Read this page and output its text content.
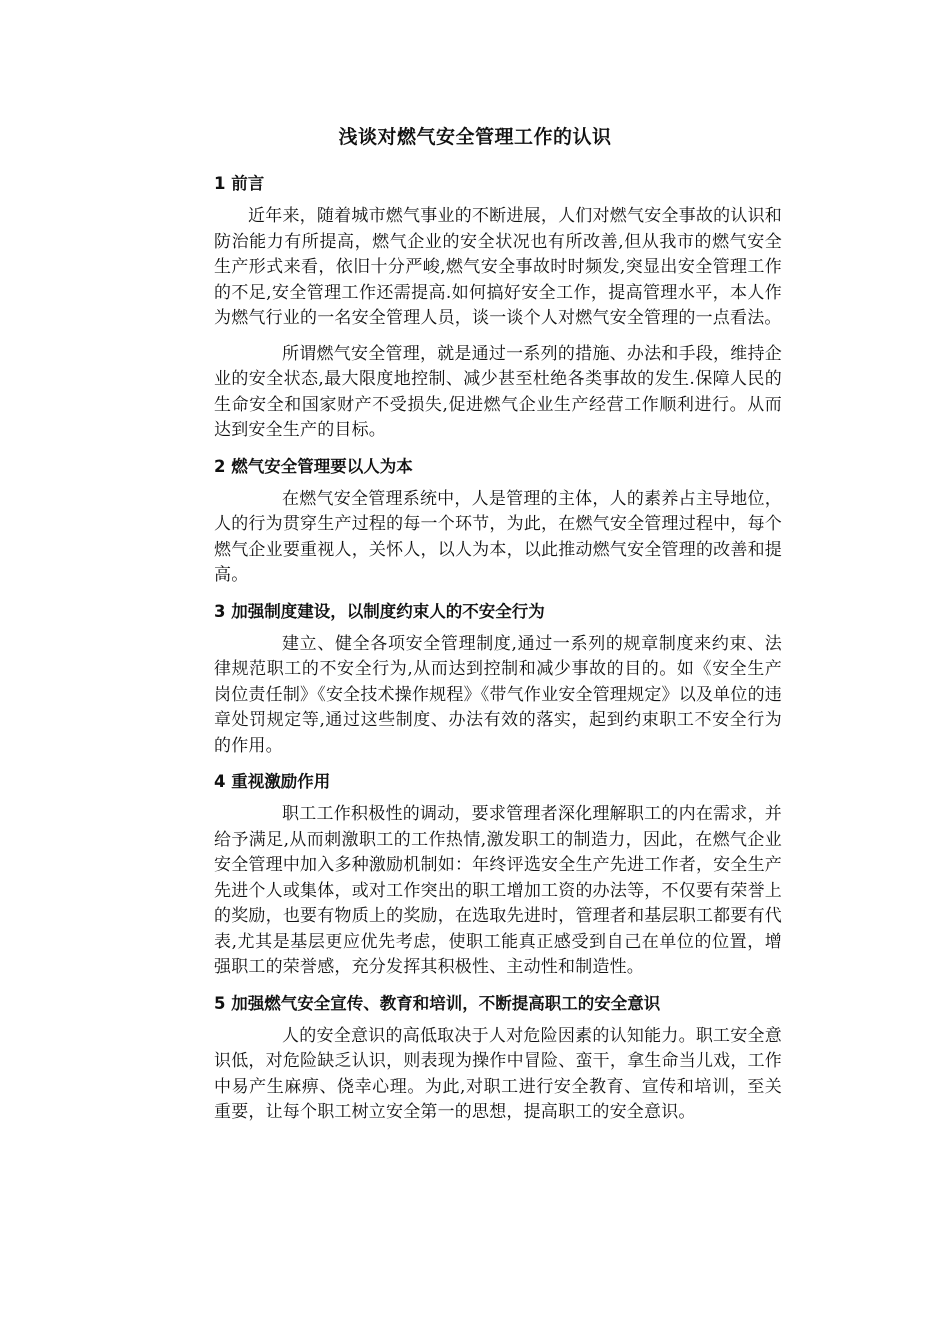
浅谈对燃气安全管理工作的认识
1 前言

近年来，随着城市燃气事业的不断进展，人们对燃气安全事故的认识和防治能力有所提高，燃气企业的安全状况也有所改善,但从我市的燃气安全生产形式来看，依旧十分严峻,燃气安全事故时时频发,突显出安全管理工作的不足,安全管理工作还需提高.如何搞好安全工作，提高管理水平，本人作为燃气行业的一名安全管理人员，谈一谈个人对燃气安全管理的一点看法。

所谓燃气安全管理，就是通过一系列的措施、办法和手段，维持企业的安全状态,最大限度地控制、减少甚至杜绝各类事故的发生.保障人民的生命安全和国家财产不受损失,促进燃气企业生产经营工作顺利进行。从而达到安全生产的目标。

2 燃气安全管理要以人为本

在燃气安全管理系统中，人是管理的主体，人的素养占主导地位，人的行为贯穿生产过程的每一个环节，为此，在燃气安全管理过程中，每个燃气企业要重视人，关怀人，以人为本，以此推动燃气安全管理的改善和提高。

3 加强制度建设，以制度约束人的不安全行为

建立、健全各项安全管理制度,通过一系列的规章制度来约束、法律规范职工的不安全行为,从而达到控制和减少事故的目的。如《安全生产岗位责任制》《安全技术操作规程》《带气作业安全管理规定》以及单位的违章处罚规定等,通过这些制度、办法有效的落实，起到约束职工不安全行为的作用。

4 重视激励作用

职工工作积极性的调动，要求管理者深化理解职工的内在需求，并给予满足,从而刺激职工的工作热情,激发职工的制造力，因此，在燃气企业安全管理中加入多种激励机制如：年终评选安全生产先进工作者，安全生产先进个人或集体，或对工作突出的职工增加工资的办法等，不仅要有荣誉上的奖励，也要有物质上的奖励，在选取先进时，管理者和基层职工都要有代表,尤其是基层更应优先考虑，使职工能真正感受到自己在单位的位置，增强职工的荣誉感，充分发挥其积极性、主动性和制造性。

5 加强燃气安全宣传、教育和培训，不断提高职工的安全意识

人的安全意识的高低取决于人对危险因素的认知能力。职工安全意识低，对危险缺乏认识，则表现为操作中冒险、蛮干，拿生命当儿戏，工作中易产生麻痹、侥幸心理。为此,对职工进行安全教育、宣传和培训，至关重要，让每个职工树立安全第一的思想，提高职工的安全意识。
